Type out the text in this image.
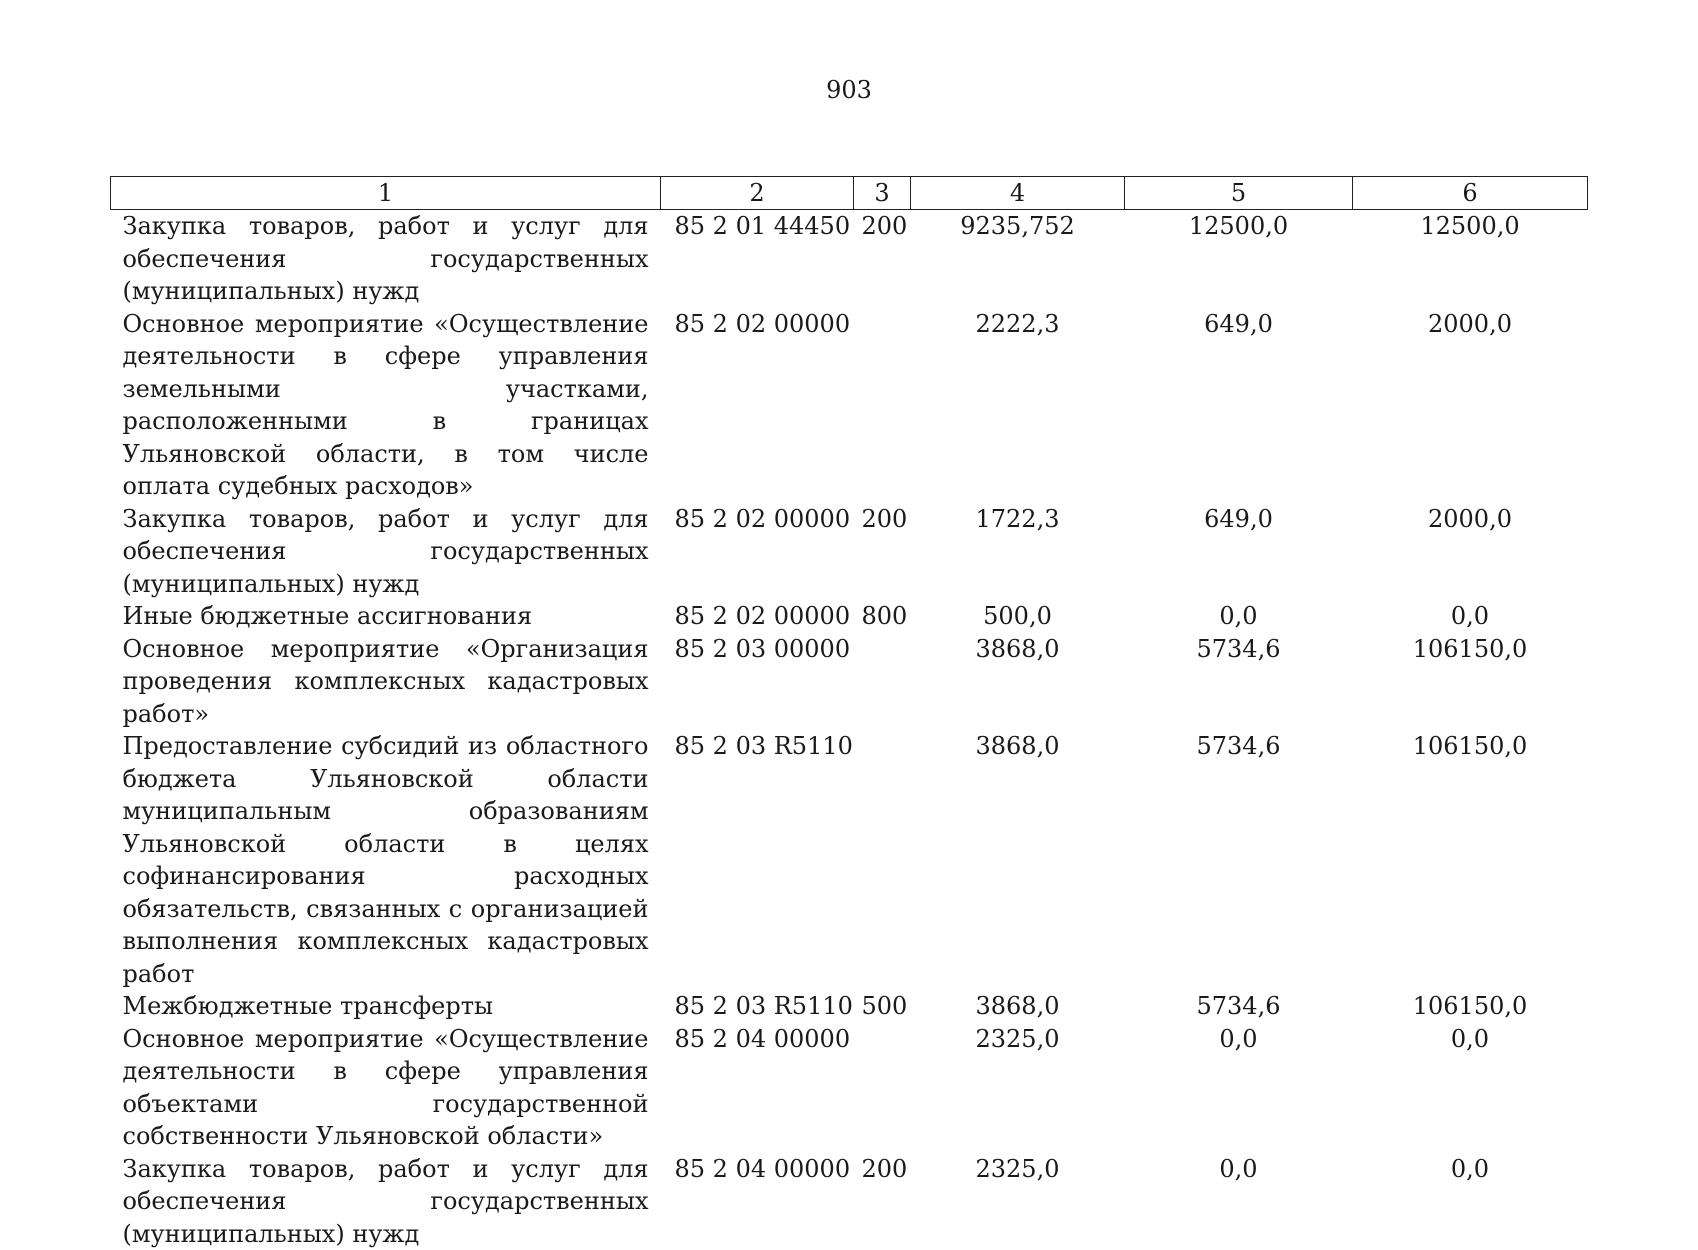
903
1	2	3	4	5	6
Закупка товаров, работ и услуг для обеспечения государственных (муниципальных) нужд	85 2 01 44450	200	9235,752	12500,0	12500,0
Основное мероприятие «Осуществление деятельности в сфере управления земельными участками, расположенными в границах Ульяновской области, в том числе оплата судебных расходов»	85 2 02 00000		2222,3	649,0	2000,0
Закупка товаров, работ и услуг для обеспечения государственных (муниципальных) нужд	85 2 02 00000	200	1722,3	649,0	2000,0
Иные бюджетные ассигнования	85 2 02 00000	800	500,0	0,0	0,0
Основное мероприятие «Организация проведения комплексных кадастровых работ»	85 2 03 00000		3868,0	5734,6	106150,0
Предоставление субсидий из областного бюджета Ульяновской области муниципальным образованиям Ульяновской области в целях софинансирования расходных обязательств, связанных с организацией выполнения комплексных кадастровых работ	85 2 03 R5110		3868,0	5734,6	106150,0
Межбюджетные трансферты	85 2 03 R5110	500	3868,0	5734,6	106150,0
Основное мероприятие «Осуществление деятельности в сфере управления объектами государственной собственности Ульяновской области»	85 2 04 00000		2325,0	0,0	0,0
Закупка товаров, работ и услуг для обеспечения государственных (муниципальных) нужд	85 2 04 00000	200	2325,0	0,0	0,0
